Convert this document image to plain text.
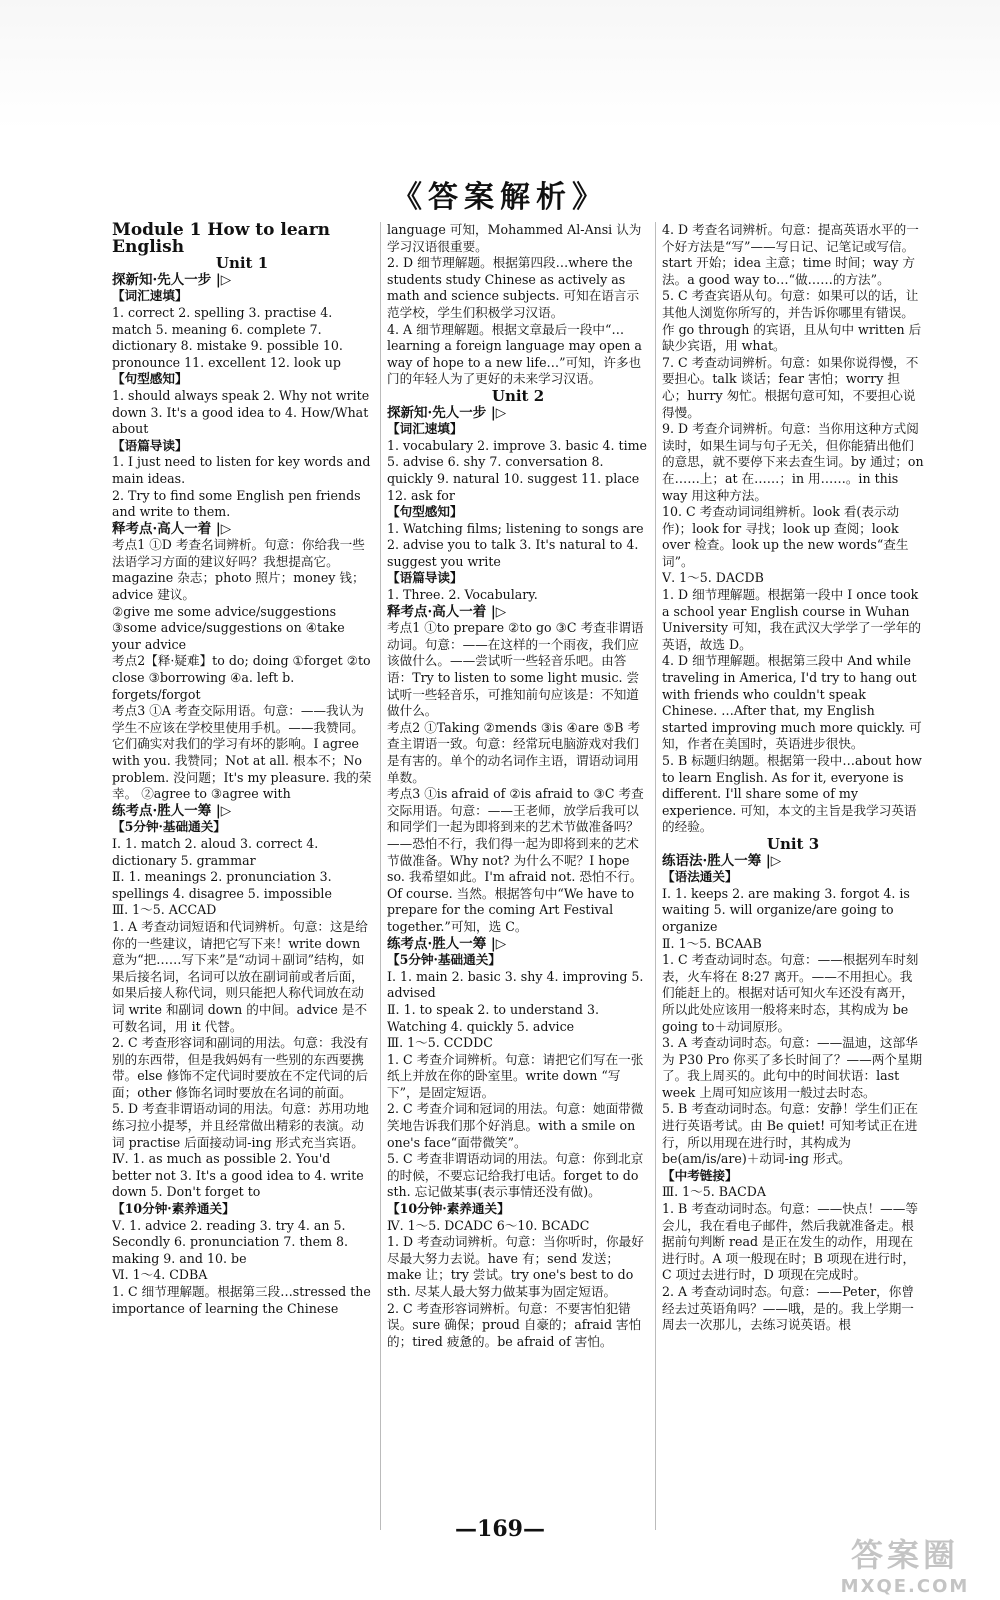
《答案解析》

Module 1 How to learn English

Unit 1

探新知·先人一步 |▷

【词汇速填】

1. correct 2. spelling 3. practise 4. match 5. meaning 6. complete 7. dictionary 8. mistake 9. possible 10. pronounce 11. excellent 12. look up

【句型感知】

1. should always speak 2. Why not write down 3. It's a good idea to 4. How/What about

【语篇导读】

1. I just need to listen for key words and main ideas.

2. Try to find some English pen friends and write to them.

释考点·高人一着 |▷

考点1 ①D 考查名词辨析。句意：你给我一些法语学习方面的建议好吗？我想提高它。magazine 杂志；photo 照片；money 钱；advice 建议。

②give me some advice/suggestions ③some advice/suggestions on ④take your advice

考点2【释·疑难】to do; doing ①forget ②to close ③borrowing ④a. left b. forgets/forgot

考点3 ①A 考查交际用语。句意：——我认为学生不应该在学校里使用手机。——我赞同。它们确实对我们的学习有坏的影响。I agree with you. 我赞同；Not at all. 根本不；No problem. 没问题；It's my pleasure. 我的荣幸。 ②agree to ③agree with

练考点·胜人一筹 |▷

【5分钟·基础通关】

Ⅰ. 1. match 2. aloud 3. correct 4. dictionary 5. grammar

Ⅱ. 1. meanings 2. pronunciation 3. spellings 4. disagree 5. impossible

Ⅲ. 1～5. ACCAD

1. A 考查动词短语和代词辨析。句意：这是给你的一些建议，请把它写下来！write down 意为“把……写下来”是“动词＋副词”结构，如果后接名词，名词可以放在副词前或者后面，如果后接人称代词，则只能把人称代词放在动词 write 和副词 down 的中间。advice 是不可数名词，用 it 代替。

2. C 考查形容词和副词的用法。句意：我没有别的东西带，但是我妈妈有一些别的东西要携带。else 修饰不定代词时要放在不定代词的后面；other 修饰名词时要放在名词的前面。

5. D 考查非谓语动词的用法。句意：苏用功地练习拉小提琴，并且经常做出精彩的表演。动词 practise 后面接动词-ing 形式充当宾语。

Ⅳ. 1. as much as possible 2. You'd better not 3. It's a good idea to 4. write down 5. Don't forget to

【10分钟·素养通关】

Ⅴ. 1. advice 2. reading 3. try 4. an 5. Secondly 6. pronunciation 7. them 8. making 9. and 10. be

Ⅵ. 1～4. CDBA

1. C 细节理解题。根据第三段…stressed the importance of learning the Chinese

language 可知，Mohammed Al-Ansi 认为学习汉语很重要。

2. D 细节理解题。根据第四段…where the students study Chinese as actively as math and science subjects. 可知在语言示范学校，学生们积极学习汉语。

4. A 细节理解题。根据文章最后一段中“…learning a foreign language may open a way of hope to a new life…”可知，许多也门的年轻人为了更好的未来学习汉语。

Unit 2

探新知·先人一步 |▷

【词汇速填】

1. vocabulary 2. improve 3. basic 4. time 5. advise 6. shy 7. conversation 8. quickly 9. natural 10. suggest 11. place 12. ask for

【句型感知】

1. Watching films; listening to songs are 2. advise you to talk 3. It's natural to 4. suggest you write

【语篇导读】

1. Three. 2. Vocabulary.

释考点·高人一着 |▷

考点1 ①to prepare ②to go ③C 考查非谓语动词。句意：——在这样的一个雨夜，我们应该做什么。——尝试听一些轻音乐吧。由答语：Try to listen to some light music. 尝试听一些轻音乐，可推知前句应该是：不知道做什么。

考点2 ①Taking ②mends ③is ④are ⑤B 考查主谓语一致。句意：经常玩电脑游戏对我们是有害的。单个的动名词作主语，谓语动词用单数。

考点3 ①is afraid of ②is afraid to ③C 考查交际用语。句意：——王老师，放学后我可以和同学们一起为即将到来的艺术节做准备吗？——恐怕不行，我们得一起为即将到来的艺术节做准备。Why not? 为什么不呢？I hope so. 我希望如此。I'm afraid not. 恐怕不行。Of course. 当然。根据答句中“We have to prepare for the coming Art Festival together.”可知，选 C。

练考点·胜人一筹 |▷

【5分钟·基础通关】

Ⅰ. 1. main 2. basic 3. shy 4. improving 5. advised

Ⅱ. 1. to speak 2. to understand 3. Watching 4. quickly 5. advice

Ⅲ. 1～5. CCDDC

1. C 考查介词辨析。句意：请把它们写在一张纸上并放在你的卧室里。write down “写下”，是固定短语。

2. C 考查介词和冠词的用法。句意：她面带微笑地告诉我们那个好消息。with a smile on one's face“面带微笑”。

5. C 考查非谓语动词的用法。句意：你到北京的时候，不要忘记给我打电话。forget to do sth. 忘记做某事(表示事情还没有做)。

【10分钟·素养通关】

Ⅳ. 1～5. DCADC 6～10. BCADC

1. D 考查动词辨析。句意：当你听时，你最好尽最大努力去说。have 有；send 发送；make 让；try 尝试。try one's best to do sth. 尽某人最大努力做某事为固定短语。

2. C 考查形容词辨析。句意：不要害怕犯错误。sure 确保；proud 自豪的；afraid 害怕的；tired 疲惫的。be afraid of 害怕。

4. D 考查名词辨析。句意：提高英语水平的一个好方法是“写”——写日记、记笔记或写信。start 开始；idea 主意；time 时间；way 方法。a good way to…“做……的方法”。

5. C 考查宾语从句。句意：如果可以的话，让其他人浏览你所写的，并告诉你哪里有错误。作 go through 的宾语，且从句中 written 后缺少宾语，用 what。

7. C 考查动词辨析。句意：如果你说得慢，不要担心。talk 谈话；fear 害怕；worry 担心；hurry 匆忙。根据句意可知，不要担心说得慢。

9. D 考查介词辨析。句意：当你用这种方式阅读时，如果生词与句子无关，但你能猜出他们的意思，就不要停下来去查生词。by 通过；on 在……上；at 在……；in 用……。in this way 用这种方法。

10. C 考查动词词组辨析。look 看(表示动作)；look for 寻找；look up 查阅；look over 检查。look up the new words“查生词”。

Ⅴ. 1～5. DACDB

1. D 细节理解题。根据第一段中 I once took a school year English course in Wuhan University 可知，我在武汉大学学了一学年的英语，故选 D。

4. D 细节理解题。根据第三段中 And while traveling in America, I'd try to hang out with friends who couldn't speak Chinese. …After that, my English started improving much more quickly. 可知，作者在美国时，英语进步很快。

5. B 标题归纳题。根据第一段中…about how to learn English. As for it, everyone is different. I'll share some of my experience. 可知，本文的主旨是我学习英语的经验。

Unit 3

练语法·胜人一筹 |▷

【语法通关】

Ⅰ. 1. keeps 2. are making 3. forgot 4. is waiting 5. will organize/are going to organize

Ⅱ. 1～5. BCAAB

1. C 考查动词时态。句意：——根据列车时刻表，火车将在 8:27 离开。——不用担心。我们能赶上的。根据对话可知火车还没有离开，所以此处应该用一般将来时态，其构成为 be going to＋动词原形。

3. A 考查动词时态。句意：——温迪，这部华为 P30 Pro 你买了多长时间了？——两个星期了。我上周买的。此句中的时间状语：last week 上周可知应该用一般过去时态。

5. B 考查动词时态。句意：安静！学生们正在进行英语考试。由 Be quiet! 可知考试正在进行，所以用现在进行时，其构成为 be(am/is/are)＋动词-ing 形式。

【中考链接】

Ⅲ. 1～5. BACDA

1. B 考查动词时态。句意：——快点！——等会儿，我在看电子邮件，然后我就准备走。根据前句判断 read 是正在发生的动作，用现在进行时。A 项一般现在时；B 项现在进行时，C 项过去进行时，D 项现在完成时。

2. A 考查动词时态。句意：——Peter，你曾经去过英语角吗？——哦，是的。我上学期一周去一次那儿，去练习说英语。根

—169—
答案圈
MXQE.COM
